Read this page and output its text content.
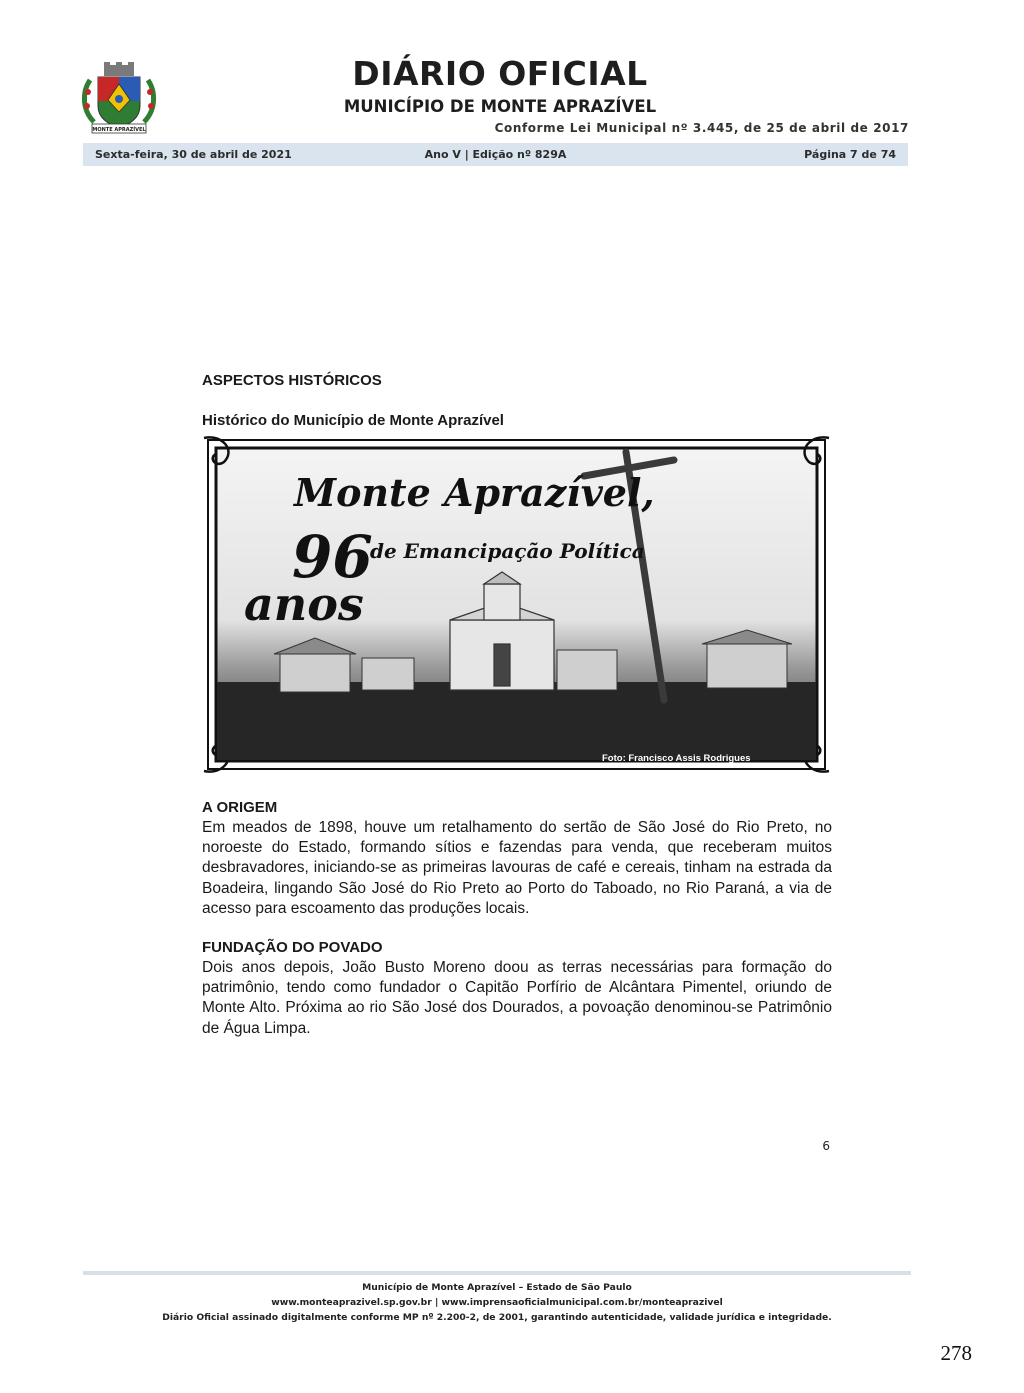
MONTE APRAZÍVEL
DIÁRIO OFICIAL
MUNICÍPIO DE MONTE APRAZÍVEL
Conforme Lei Municipal nº 3.445, de 25 de abril de 2017
Sexta-feira, 30 de abril de 2021	Ano V | Edição nº 829A	Página 7 de 74
ASPECTOS HISTÓRICOS
Histórico do Município de Monte Aprazível
Monte Aprazível,
96
anos
de Emancipação Política
Foto: Francisco Assis Rodrigues
A ORIGEM
Em meados de 1898, houve um retalhamento do sertão de São José do Rio Preto, no noroeste do Estado, formando sítios e fazendas para venda, que receberam muitos desbravadores, iniciando-se as primeiras lavouras de café e cereais, tinham na estrada da Boadeira, lingando São José do Rio Preto ao Porto do Taboado, no Rio Paraná, a via de acesso para escoamento das produções locais.
FUNDAÇÃO DO POVADO
Dois anos depois, João Busto Moreno doou as terras necessárias para formação do patrimônio, tendo como fundador o Capitão Porfírio de Alcântara Pimentel, oriundo de Monte Alto. Próxima ao rio São José dos Dourados, a povoação denominou-se Patrimônio de Água Limpa.
6
Município de Monte Aprazível – Estado de São Paulo
www.monteaprazivel.sp.gov.br | www.imprensaoficialmunicipal.com.br/monteaprazivel
Diário Oficial assinado digitalmente conforme MP nº 2.200-2, de 2001, garantindo autenticidade, validade jurídica e integridade.
278
